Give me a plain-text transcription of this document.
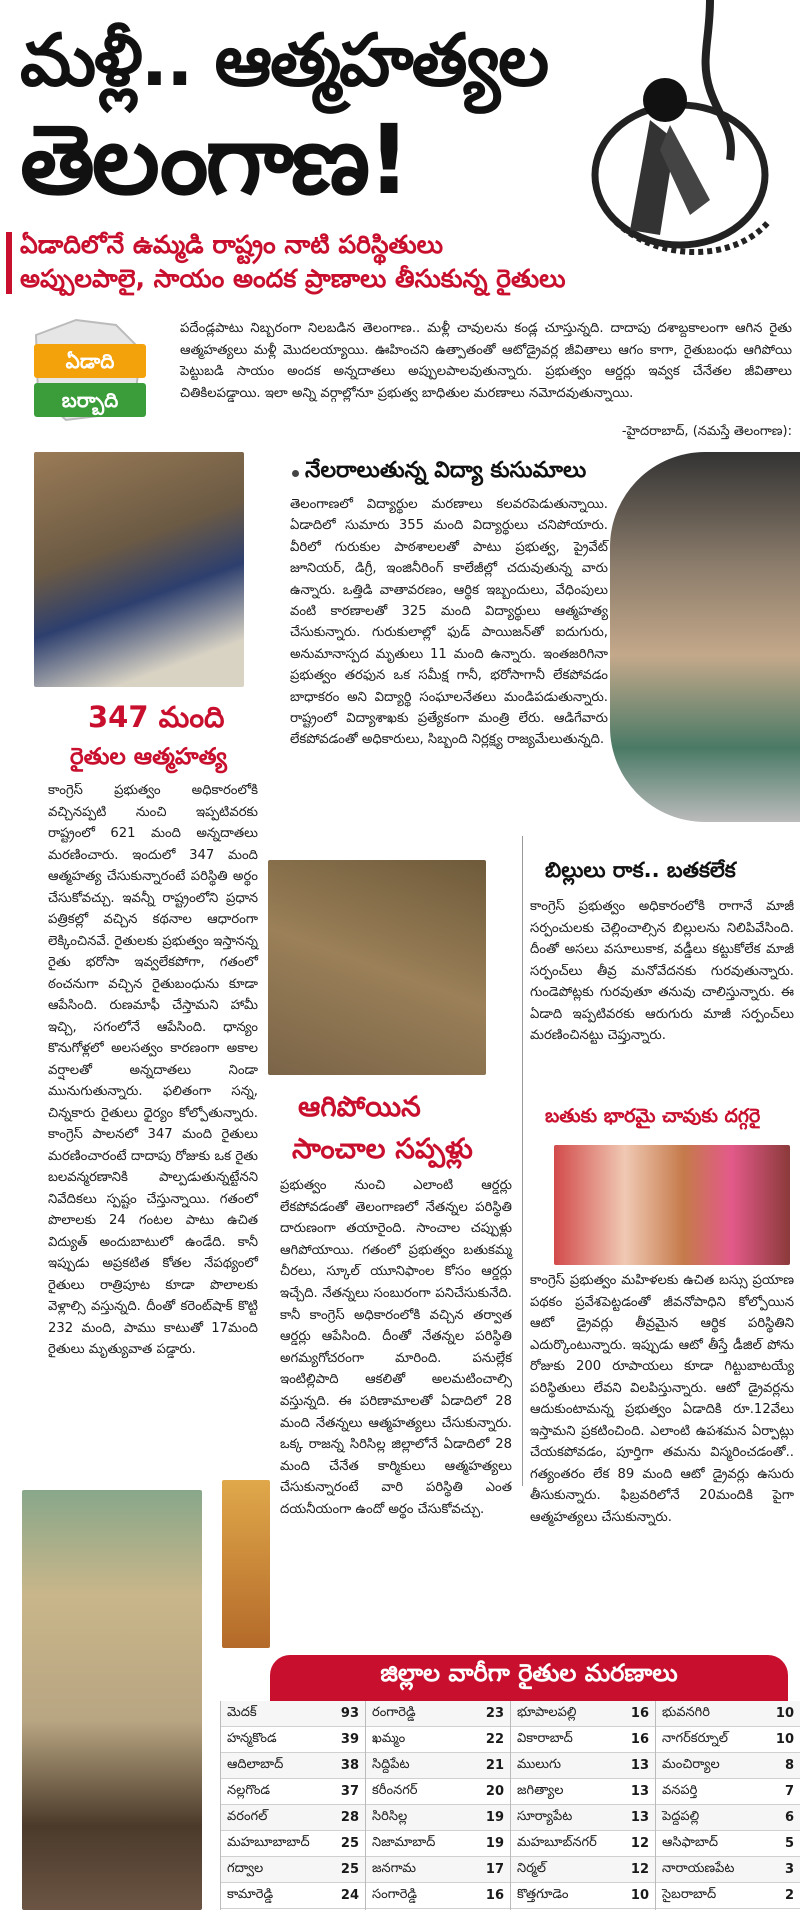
మళ్లీ.. ఆత్మహత్యల
తెలంగాణ!
ఏడాదిలోనే ఉమ్మడి రాష్ట్రం నాటి పరిస్థితులు
అప్పులపాలై, సాయం అందక ప్రాణాలు తీసుకున్న రైతులు
ఏడాది
బర్బాది
పదేండ్లపాటు నిబ్బరంగా నిలబడిన తెలంగాణ.. మళ్లీ చావులను కండ్ల చూస్తున్నది. దాదాపు దశాబ్దకాలంగా ఆగిన రైతు ఆత్మహత్యలు మళ్లీ మొదలయ్యాయి. ఊహించని ఉత్పాతంతో ఆటోడ్రైవర్ల జీవితాలు ఆగం కాగా, రైతుబంధు ఆగిపోయి పెట్టుబడి సాయం అందక అన్నదాతలు అప్పులపాలవుతున్నారు. ప్రభుత్వం ఆర్డర్లు ఇవ్వక చేనేతల జీవితాలు చితికిలపడ్డాయి. ఇలా అన్ని వర్గాల్లోనూ ప్రభుత్వ బాధితుల మరణాలు నమోదవుతున్నాయి.
-హైదరాబాద్, (నమస్తే తెలంగాణ):
నేలరాలుతున్న విద్యా కుసుమాలు
తెలంగాణలో విద్యార్థుల మరణాలు కలవరపెడుతున్నాయి. ఏడాదిలో సుమారు 355 మంది విద్యార్థులు చనిపోయారు. వీరిలో గురుకుల పాఠశాలలతో పాటు ప్రభుత్వ, ప్రైవేట్ జూనియర్, డిగ్రీ, ఇంజినీరింగ్ కాలేజీల్లో చదువుతున్న వారు ఉన్నారు. ఒత్తిడి వాతావరణం, ఆర్థిక ఇబ్బందులు, వేధింపులు వంటి కారణాలతో 325 మంది విద్యార్థులు ఆత్మహత్య చేసుకున్నారు. గురుకులాల్లో ఫుడ్ పాయిజన్‌తో ఐదుగురు, అనుమానాస్పద మృతులు 11 మంది ఉన్నారు. ఇంతజరిగినా ప్రభుత్వం తరఫున ఒక సమీక్ష గానీ, భరోసాగానీ లేకపోవడం బాధాకరం అని విద్యార్థి సంఘాలనేతలు మండిపడుతున్నారు. రాష్ట్రంలో విద్యాశాఖకు ప్రత్యేకంగా మంత్రి లేరు. ఆడిగేవారు లేకపోవడంతో అధికారులు, సిబ్బంది నిర్లక్ష్య రాజ్యమేలుతున్నది.
347 మంది
రైతుల ఆత్మహత్య
కాంగ్రెస్ ప్రభుత్వం అధికారంలోకి వచ్చినప్పటి నుంచి ఇప్పటివరకు రాష్ట్రంలో 621 మంది అన్నదాతలు మరణించారు. ఇందులో 347 మంది ఆత్మహత్య చేసుకున్నారంటే పరిస్థితి అర్థం చేసుకోవచ్చు. ఇవన్నీ రాష్ట్రంలోని ప్రధాన పత్రికల్లో వచ్చిన కథనాల ఆధారంగా లెక్కించినవే. రైతులకు ప్రభుత్వం ఇస్తానన్న రైతు భరోసా ఇవ్వలేకపోగా, గతంలో ఠంచనుగా వచ్చిన రైతుబంధును కూడా ఆపేసింది. రుణమాఫీ చేస్తామని హామీ ఇచ్చి, సగంలోనే ఆపేసింది. ధాన్యం కొనుగోళ్లలో అలసత్వం కారణంగా అకాల వర్షాలతో అన్నదాతలు నిండా మునుగుతున్నారు. ఫలితంగా సన్న, చిన్నకారు రైతులు ధైర్యం కోల్పోతున్నారు. కాంగ్రెస్ పాలనలో 347 మంది రైతులు మరణించారంటే దాదాపు రోజుకు ఒక రైతు బలవన్మరణానికి పాల్పడుతున్నట్టేనని నివేదికలు స్పష్టం చేస్తున్నాయి. గతంలో పొలాలకు 24 గంటల పాటు ఉచిత విద్యుత్ అందుబాటులో ఉండేది. కానీ ఇప్పుడు అప్రకటిత కోతల నేపథ్యంలో రైతులు రాత్రిపూట కూడా పొలాలకు వెళ్లాల్సి వస్తున్నది. దీంతో కరెంట్‌షాక్ కొట్టి 232 మంది, పాము కాటుతో 17మంది రైతులు మృత్యువాత పడ్డారు.
బిల్లులు రాక.. బతకలేక
కాంగ్రెస్ ప్రభుత్వం అధికారంలోకి రాగానే మాజీ సర్పంచులకు చెల్లించాల్సిన బిల్లులను నిలిపివేసింది. దీంతో అసలు వసూలుకాక, వడ్డీలు కట్టుకోలేక మాజీ సర్పంచ్‌లు తీవ్ర మనోవేదనకు గురవుతున్నారు. గుండెపోట్లకు గురవుతూ తనువు చాలిస్తున్నారు. ఈ ఏడాది ఇప్పటివరకు ఆరుగురు మాజీ సర్పంచ్‌లు మరణించినట్టు చెప్తున్నారు.
బతుకు భారమై చావుకు దగ్గరై
కాంగ్రెస్ ప్రభుత్వం మహిళలకు ఉచిత బస్సు ప్రయాణ పథకం ప్రవేశపెట్టడంతో జీవనోపాధిని కోల్పోయిన ఆటో డ్రైవర్లు తీవ్రమైన ఆర్థిక పరిస్థితిని ఎదుర్కొంటున్నారు. ఇప్పుడు ఆటో తీస్తే డీజిల్ పోను రోజుకు 200 రూపాయలు కూడా గిట్టుబాటయ్యే పరిస్థితులు లేవని విలపిస్తున్నారు. ఆటో డ్రైవర్లను ఆదుకుంటామన్న ప్రభుత్వం ఏడాదికి రూ.12వేలు ఇస్తామని ప్రకటించింది. ఎలాంటి ఉపశమన ఏర్పాట్లు చేయకపోవడం, పూర్తిగా తమను విస్మరించడంతో.. గత్యంతరం లేక 89 మంది ఆటో డ్రైవర్లు ఉసురు తీసుకున్నారు. ఫిబ్రవరిలోనే 20మందికి పైగా ఆత్మహత్యలు చేసుకున్నారు.
ఆగిపోయిన
సాంచాల సప్పళ్లు
ప్రభుత్వం నుంచి ఎలాంటి ఆర్డర్లు లేకపోవడంతో తెలంగాణలో నేతన్నల పరిస్థితి దారుణంగా తయారైంది. సాంచాల చప్పుళ్లు ఆగిపోయాయి. గతంలో ప్రభుత్వం బతుకమ్మ చీరలు, స్కూల్ యూనిఫాంల కోసం ఆర్డర్లు ఇచ్చేది. నేతన్నలు సంబురంగా పనిచేసుకునేది. కానీ కాంగ్రెస్ అధికారంలోకి వచ్చిన తర్వాత ఆర్డర్లు ఆపేసింది. దీంతో నేతన్నల పరిస్థితి అగమ్యగోచరంగా మారింది. పనుల్లేక ఇంటిల్లిపాది ఆకలితో అలమటించాల్సి వస్తున్నది. ఈ పరిణామాలతో ఏడాదిలో 28 మంది నేతన్నలు ఆత్మహత్యలు చేసుకున్నారు. ఒక్క రాజన్న సిరిసిల్ల జిల్లాలోనే ఏడాదిలో 28 మంది చేనేత కార్మికులు ఆత్మహత్యలు చేసుకున్నారంటే వారి పరిస్థితి ఎంత దయనీయంగా ఉందో అర్థం చేసుకోవచ్చు.
జిల్లాల వారీగా రైతుల మరణాలు
మెదక్	93
హన్మకొండ	39
ఆదిలాబాద్	38
నల్లగొండ	37
వరంగల్	28
మహబూబాబాద్ 25
గద్వాల	25
కామారెడ్డి	24
రంగారెడ్డి	23
ఖమ్మం	22
సిద్దిపేట	21
కరీంనగర్	20
సిరిసిల్ల	19
నిజామాబాద్	19
జనగామ	17
సంగారెడ్డి	16
భూపాలపల్లి	16
వికారాబాద్	16
ములుగు	13
జగిత్యాల	13
సూర్యాపేట	13
మహబూబ్‌నగర్	12
నిర్మల్	12
కొత్తగూడెం	10
భువనగిరి	10
నాగర్‌కర్నూల్	10
మంచిర్యాల	8
వనపర్తి	7
పెద్దపల్లి	6
ఆసిఫాబాద్	5
నారాయణపేట	3
సైబరాబాద్	2
